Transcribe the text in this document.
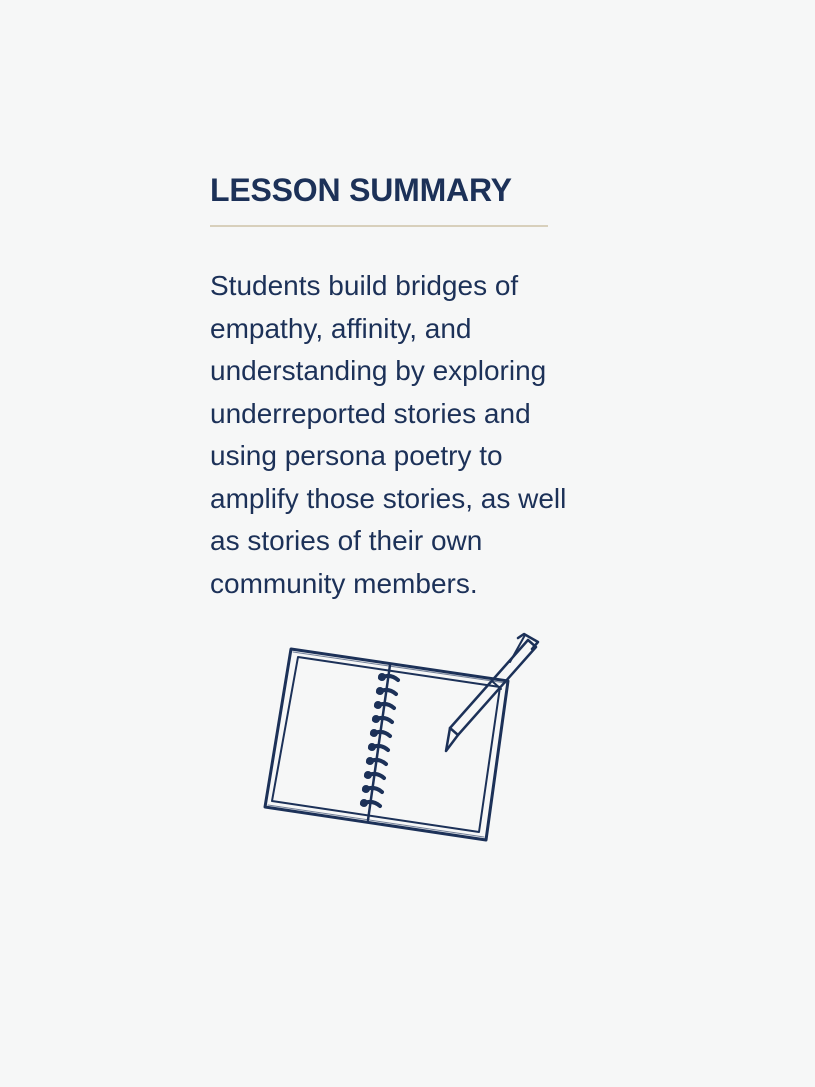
LESSON SUMMARY

Students build bridges of
empathy, affinity, and
understanding by exploring
underreported stories and
using persona poetry to
amplify those stories, as well
as stories of their own
community members.
